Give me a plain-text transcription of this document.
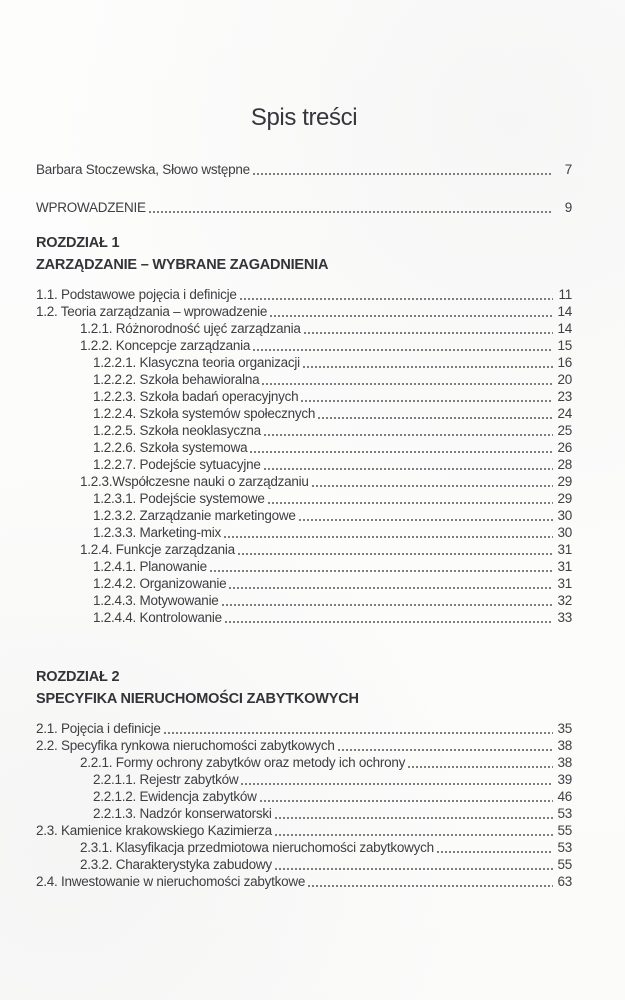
Spis treści
Barbara Stoczewska, Słowo wstępne	7
WPROWADZENIE	9
ROZDZIAŁ 1
ZARZĄDZANIE – WYBRANE ZAGADNIENIA
1.1. Podstawowe pojęcia i definicje	11
1.2. Teoria zarządzania – wprowadzenie	14
1.2.1. Różnorodność ujęć zarządzania	14
1.2.2. Koncepcje zarządzania	15
1.2.2.1. Klasyczna teoria organizacji	16
1.2.2.2. Szkoła behawioralna	20
1.2.2.3. Szkoła badań operacyjnych	23
1.2.2.4. Szkoła systemów społecznych	24
1.2.2.5. Szkoła neoklasyczna	25
1.2.2.6. Szkoła systemowa	26
1.2.2.7. Podejście sytuacyjne	28
1.2.3.Współczesne nauki o zarządzaniu	29
1.2.3.1. Podejście systemowe	29
1.2.3.2. Zarządzanie marketingowe	30
1.2.3.3. Marketing-mix	30
1.2.4. Funkcje zarządzania	31
1.2.4.1. Planowanie	31
1.2.4.2. Organizowanie	31
1.2.4.3. Motywowanie	32
1.2.4.4. Kontrolowanie	33
ROZDZIAŁ 2
SPECYFIKA NIERUCHOMOŚCI ZABYTKOWYCH
2.1. Pojęcia i definicje	35
2.2. Specyfika rynkowa nieruchomości zabytkowych	38
2.2.1. Formy ochrony zabytków oraz metody ich ochrony	38
2.2.1.1. Rejestr zabytków	39
2.2.1.2. Ewidencja zabytków	46
2.2.1.3. Nadzór konserwatorski	53
2.3. Kamienice krakowskiego Kazimierza	55
2.3.1. Klasyfikacja przedmiotowa nieruchomości zabytkowych	53
2.3.2. Charakterystyka zabudowy	55
2.4. Inwestowanie w nieruchomości zabytkowe	63
